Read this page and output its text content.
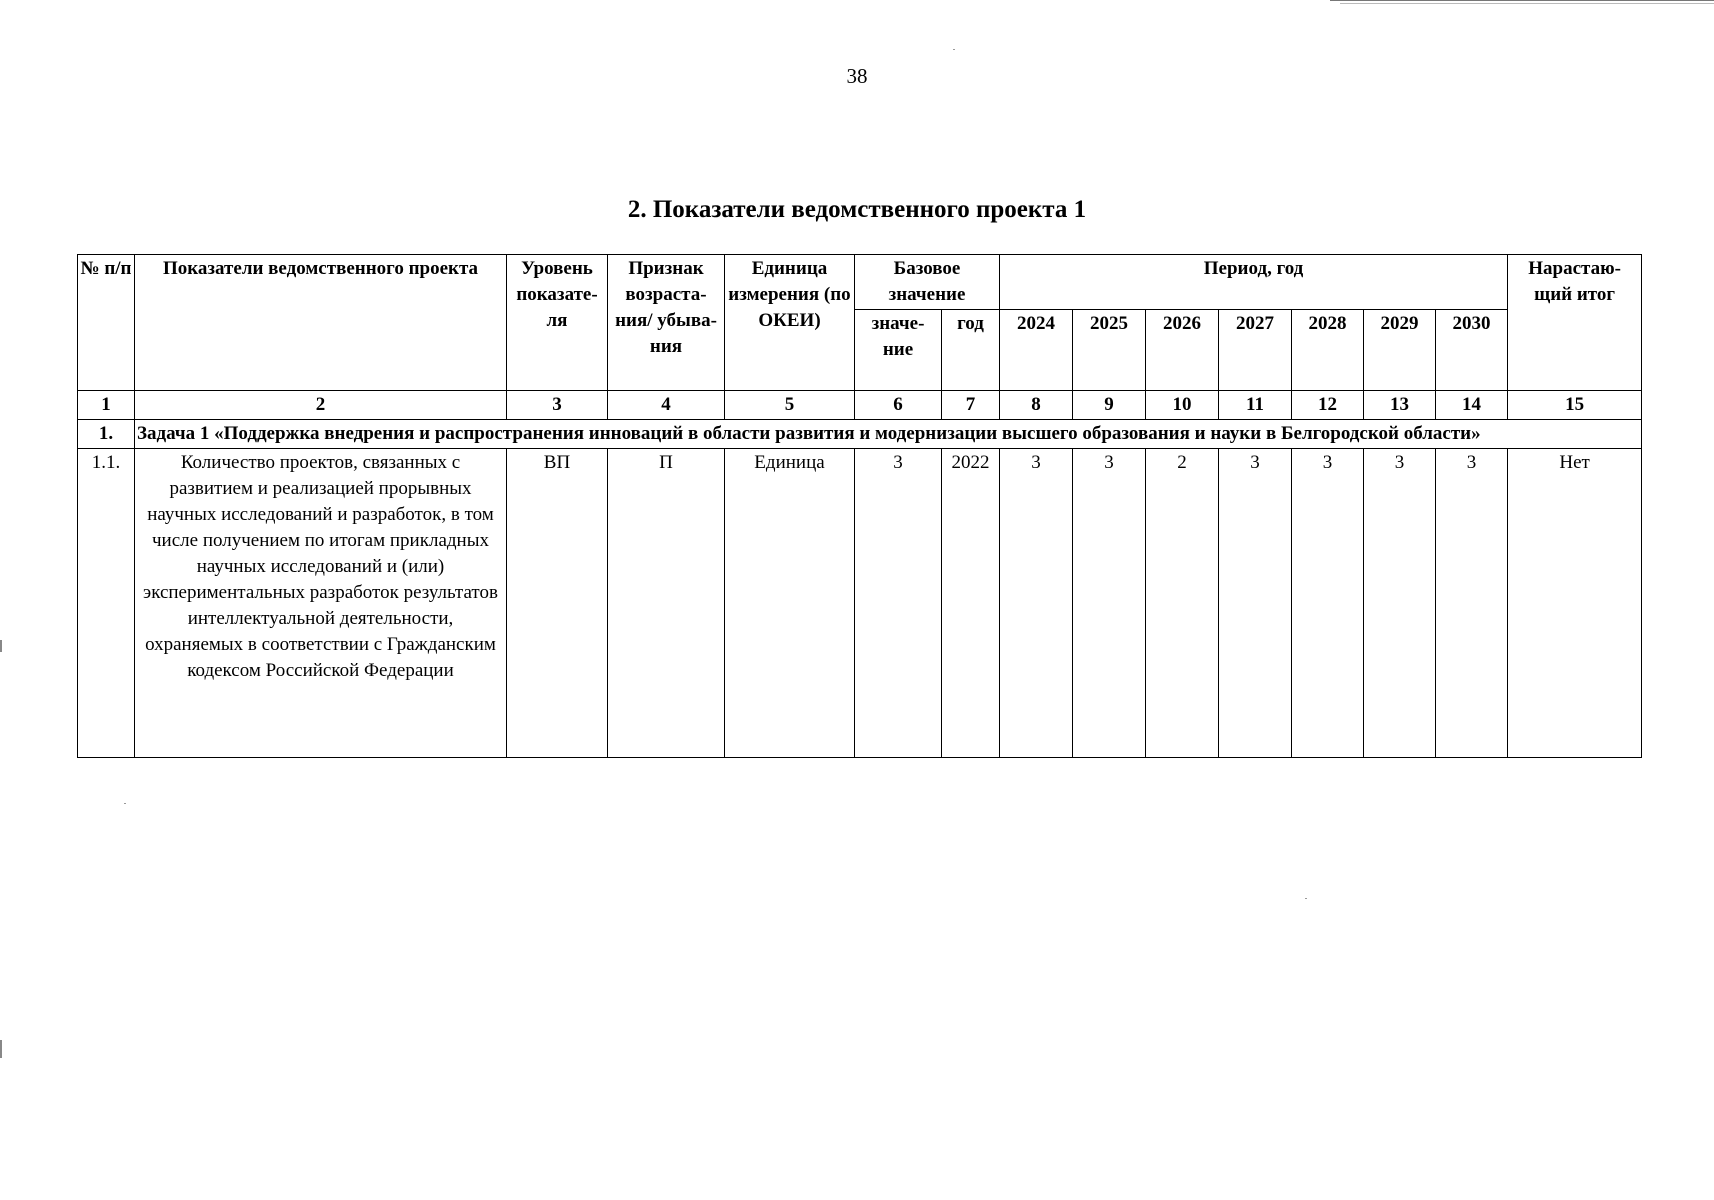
38
2. Показатели ведомственного проекта 1
№ п/п	Показатели ведомственного проекта	Уровень показате-ля	Признак возраста-ния/ убыва-ния	Единица измерения (по ОКЕИ)	Базовое значение		Период, год							Нарастаю-щий итог
					значе-ние	год	2024	2025	2026	2027	2028	2029	2030	
1	2	3	4	5	6	7	8	9	10	11	12	13	14	15
1.	Задача 1 «Поддержка внедрения и распространения инноваций в области развития и модернизации высшего образования и науки в Белгородской области»													
1.1.	Количество проектов, связанных с развитием и реализацией прорывных научных исследований и разработок, в том числе получением по итогам прикладных научных исследований и (или) экспериментальных разработок результатов интеллектуальной деятельности, охраняемых в соответствии с Гражданским кодексом Российской Федерации	ВП	П	Единица	3	2022	3	3	2	3	3	3	3	Нет
